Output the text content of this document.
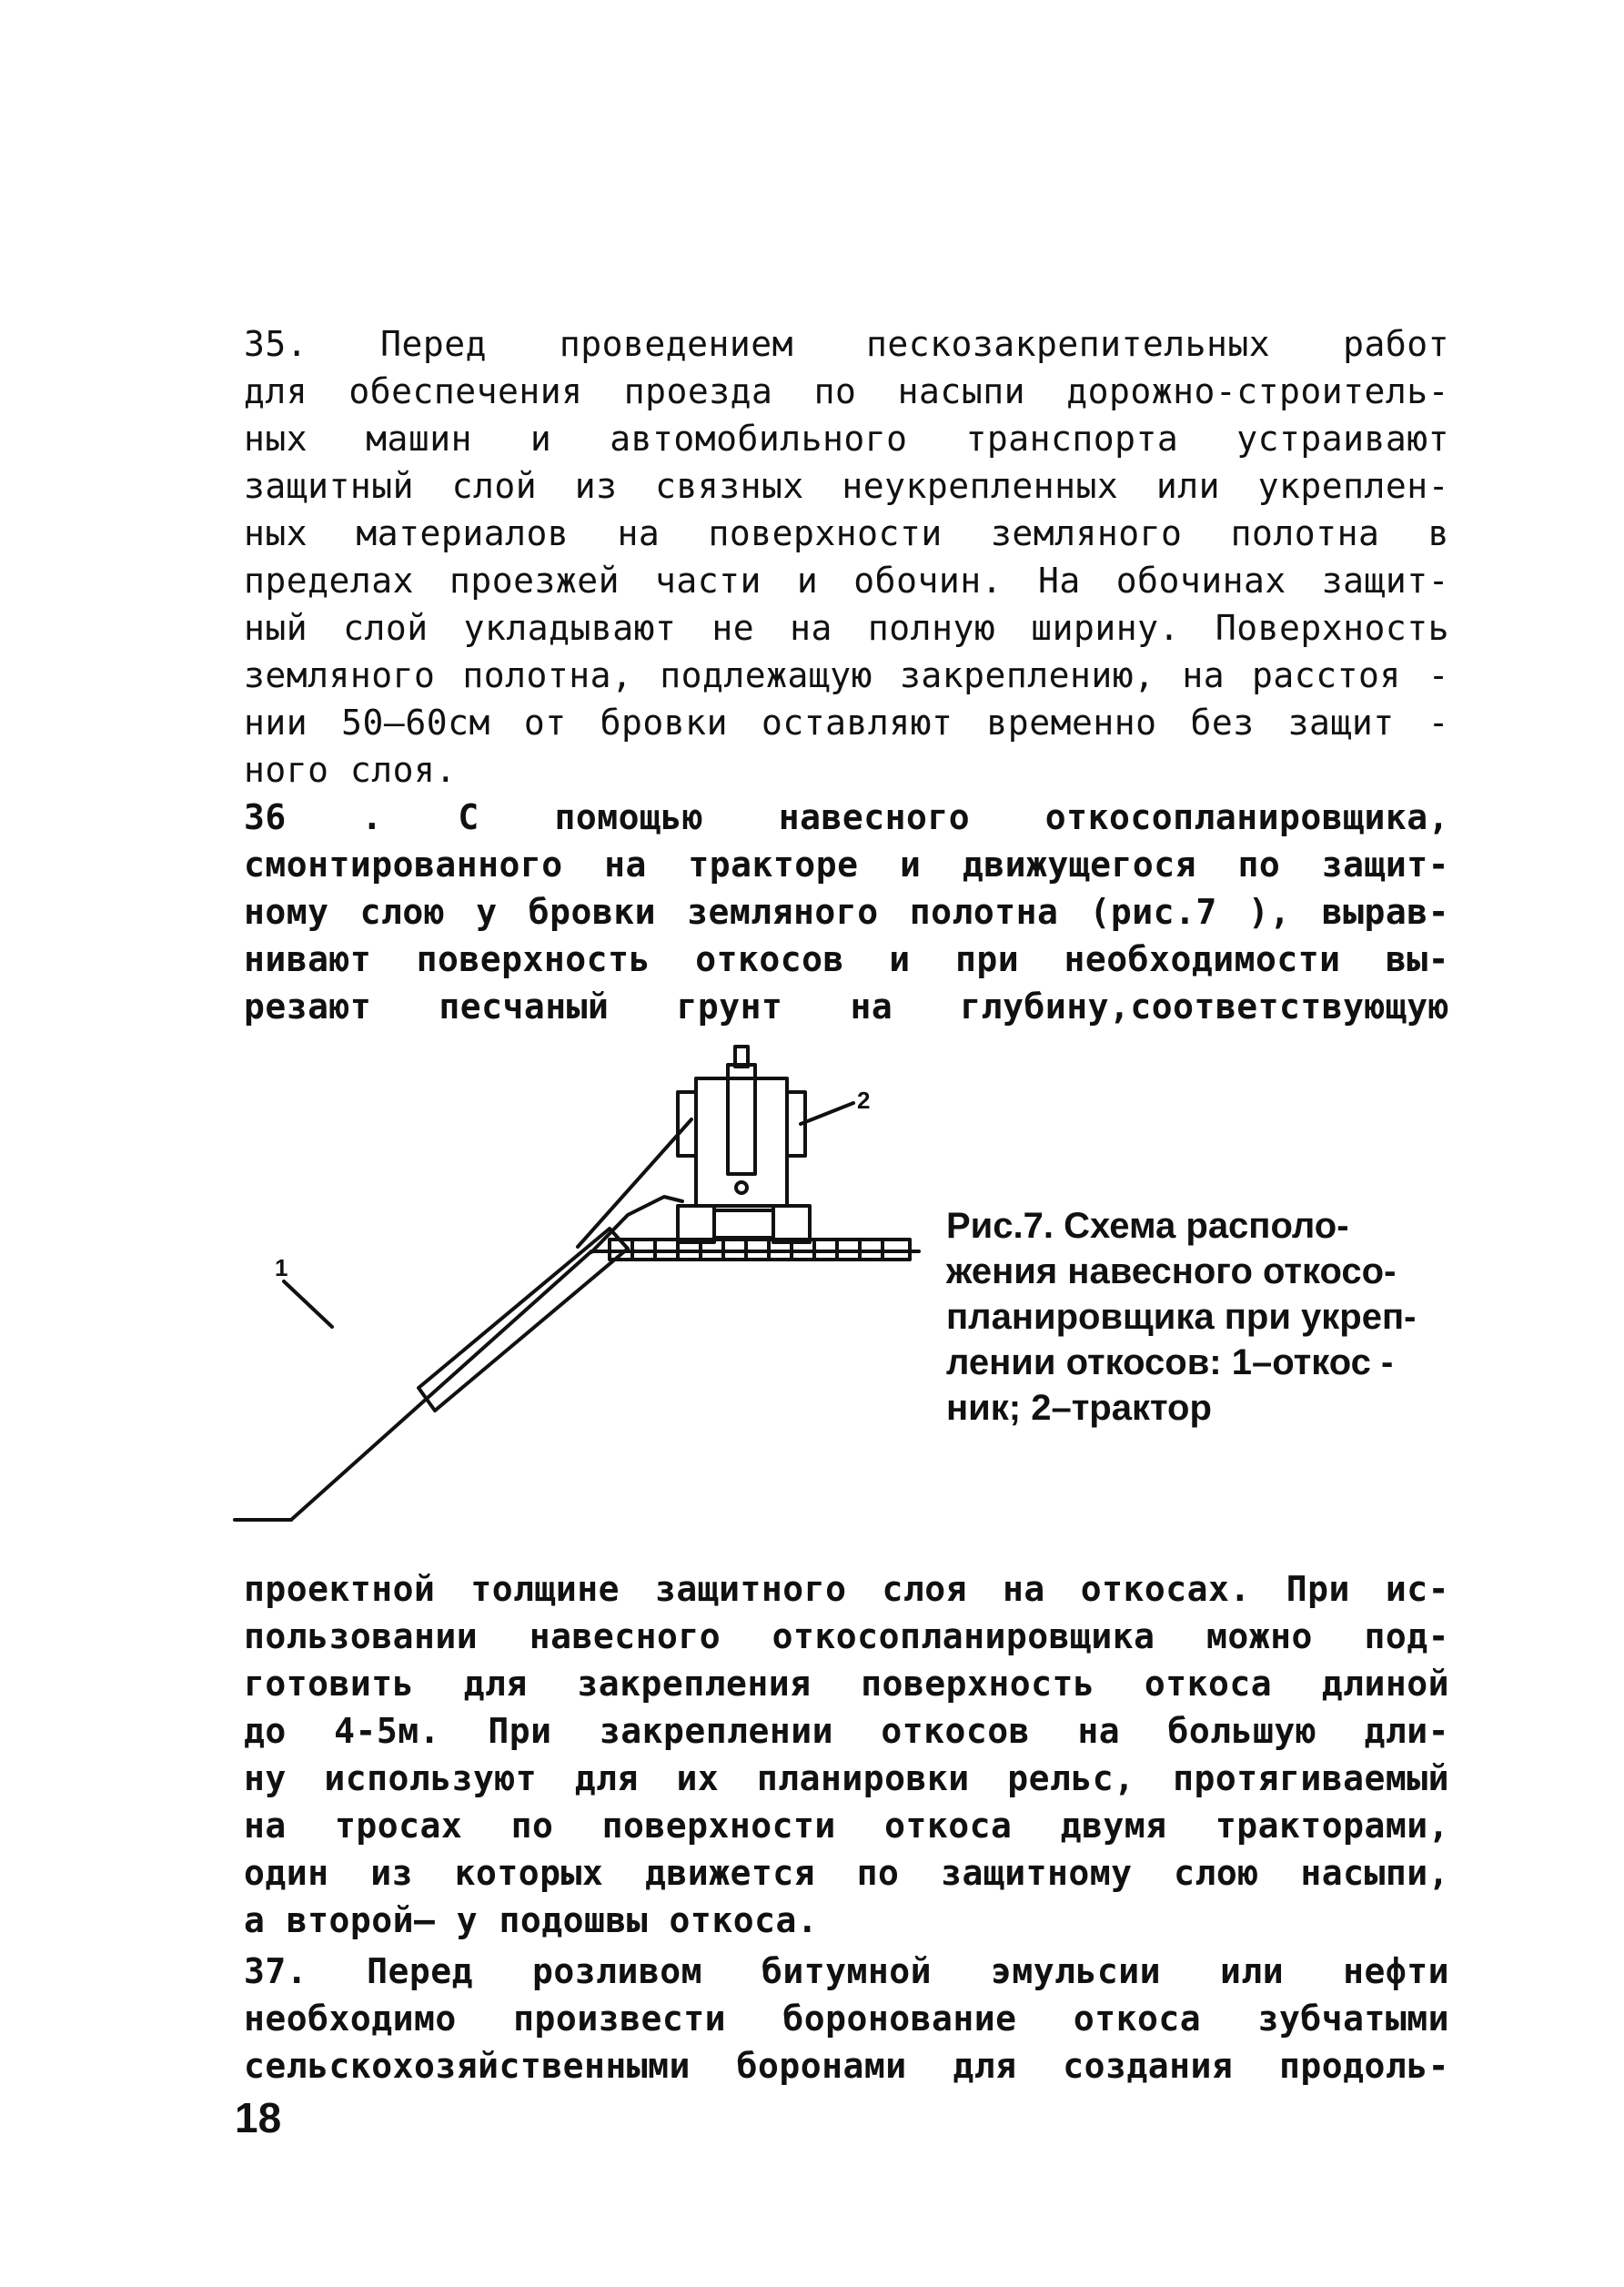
35. Перед проведением пескозакрепительных работ
для обеспечения проезда по насыпи дорожно-строитель-
ных машин и автомобильного транспорта устраивают
защитный слой из связных неукрепленных или укреплен-
ных материалов на поверхности земляного полотна в
пределах проезжей части и обочин. На обочинах защит-
ный слой укладывают не на полную ширину. Поверхность
земляного полотна, подлежащую закреплению, на расстоя -
нии 50–60см от бровки оставляют временно без защит -
ного слоя.
36 . С помощью навесного откосопланировщика,
смонтированного на тракторе и движущегося по защит-
ному слою у бровки земляного полотна (рис.7 ), вырав-
нивают поверхность откосов и при необходимости вы-
резают песчаный грунт на глубину,соответствующую
1
2
Рис.7. Схема располо-
жения навесного откосо-
планировщика при укреп-
лении откосов: 1–откос -
ник; 2–трактор
проектной толщине защитного слоя на откосах. При ис-
пользовании навесного откосопланировщика можно под-
готовить для закрепления поверхность откоса длиной
до 4-5м. При закреплении откосов на большую дли-
ну используют для их планировки рельс, протягиваемый
на тросах по поверхности откоса двумя тракторами,
один из которых движется по защитному слою насыпи,
а второй– у подошвы откоса.
37. Перед розливом битумной эмульсии или нефти
необходимо произвести боронование откоса зубчатыми
сельскохозяйственными боронами для создания продоль-
18
